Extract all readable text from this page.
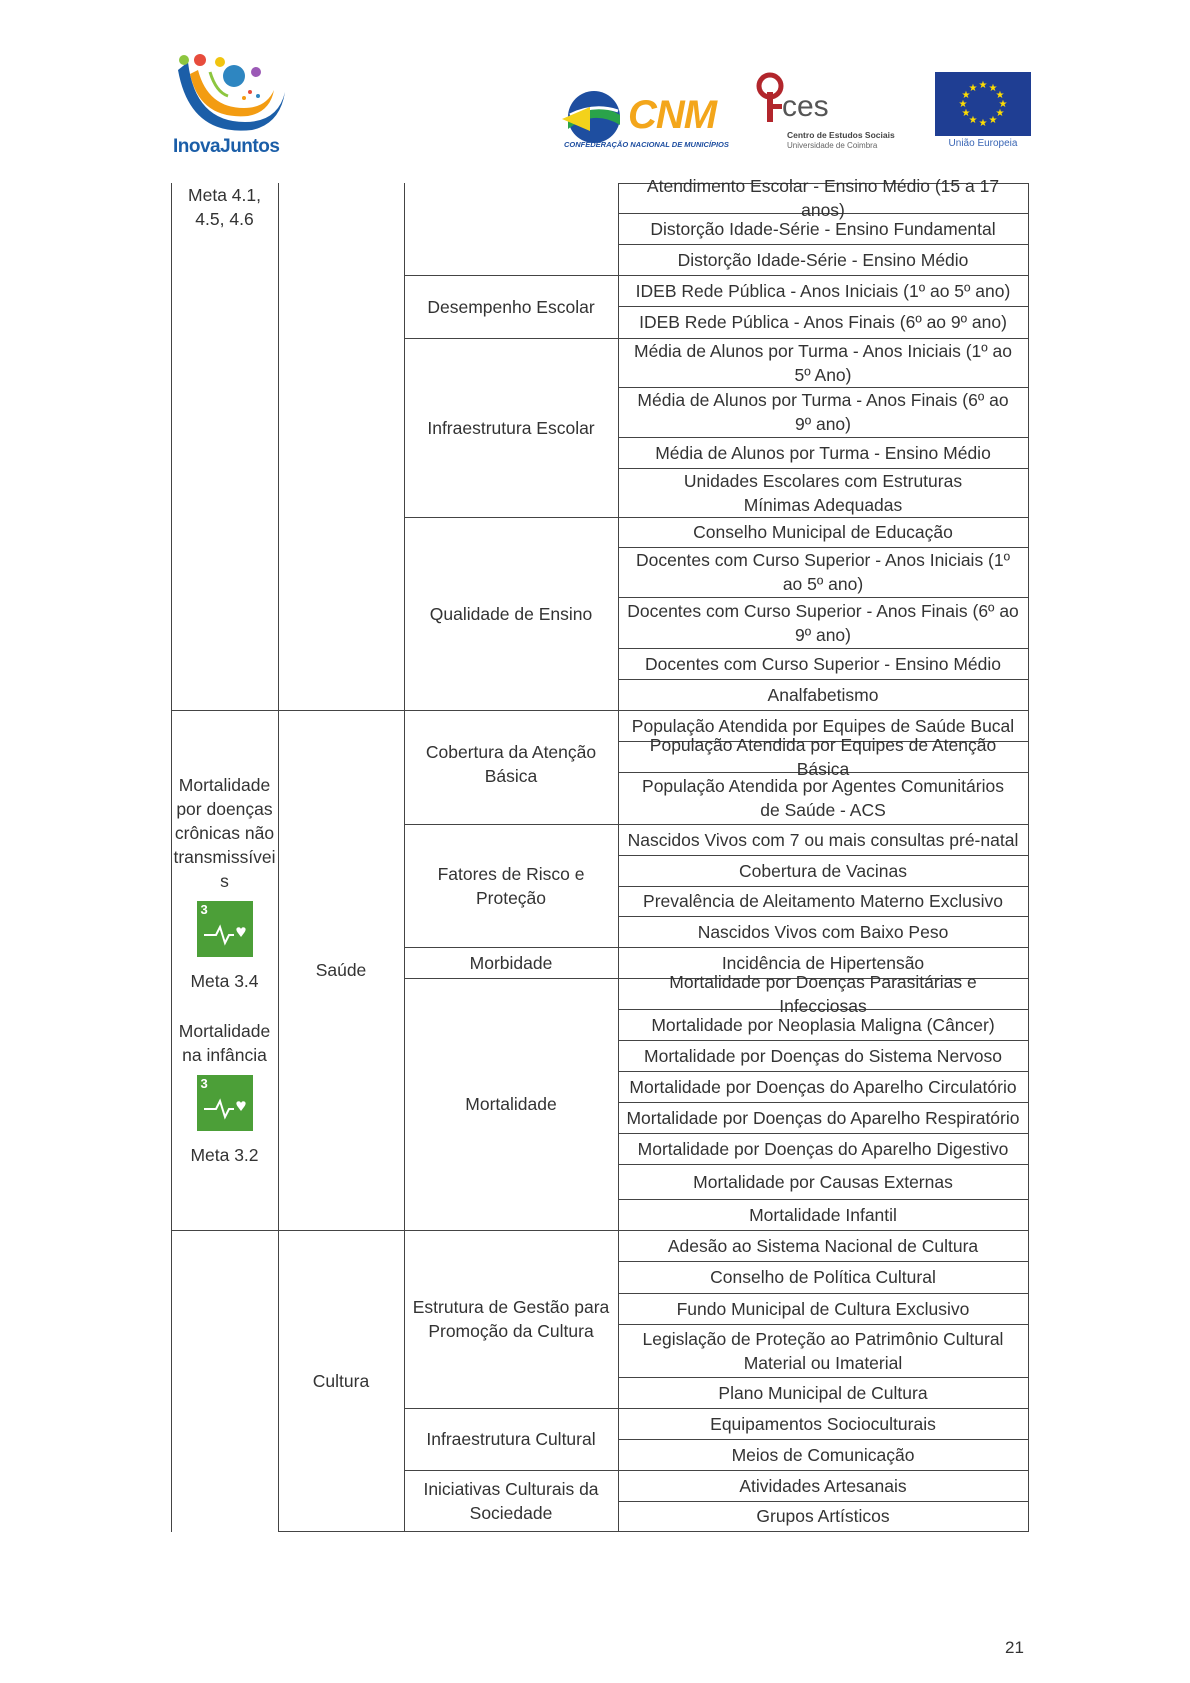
InovaJuntos
CNM
CONFEDERAÇÃO NACIONAL DE MUNICÍPIOS
ces
Centro de Estudos Sociais
Universidade de Coimbra
★ ★
★
★
★
★
★
★
★
★
★
★
União Europeia
Meta 4.1, 4.5, 4.6
Mortalidade por doenças crônicas não transmissívei s
3
Meta 3.4
Mortalidade na infância
3
Meta 3.2
Saúde
Cultura
Desempenho Escolar
Infraestrutura Escolar
Qualidade de Ensino
Cobertura da Atenção Básica
Fatores de Risco e Proteção
Morbidade
Mortalidade
Estrutura de Gestão para Promoção da Cultura
Infraestrutura Cultural
Iniciativas Culturais da Sociedade
Atendimento Escolar - Ensino Médio (15 a 17 anos)
Distorção Idade-Série - Ensino Fundamental
Distorção Idade-Série - Ensino Médio
IDEB Rede Pública - Anos Iniciais (1º ao 5º ano)
IDEB Rede Pública - Anos Finais (6º ao 9º ano)
Média de Alunos por Turma - Anos Iniciais (1º ao 5º Ano)
Média de Alunos por Turma - Anos Finais (6º ao 9º ano)
Média de Alunos por Turma - Ensino Médio
Unidades Escolares com Estruturas Mínimas Adequadas
Conselho Municipal de Educação
Docentes com Curso Superior - Anos Iniciais (1º ao 5º ano)
Docentes com Curso Superior - Anos Finais (6º ao 9º ano)
Docentes com Curso Superior - Ensino Médio
Analfabetismo
População Atendida por Equipes de Saúde Bucal
População Atendida por Equipes de Atenção Básica
População Atendida por Agentes Comunitários de Saúde - ACS
Nascidos Vivos com 7 ou mais consultas pré-natal
Cobertura de Vacinas
Prevalência de Aleitamento Materno Exclusivo
Nascidos Vivos com Baixo Peso
Incidência de Hipertensão
Mortalidade por Doenças Parasitárias e Infecciosas
Mortalidade por Neoplasia Maligna (Câncer)
Mortalidade por Doenças do Sistema Nervoso
Mortalidade por Doenças do Aparelho Circulatório
Mortalidade por Doenças do Aparelho Respiratório
Mortalidade por Doenças do Aparelho Digestivo
Mortalidade por Causas Externas
Mortalidade Infantil
Adesão ao Sistema Nacional de Cultura
Conselho de Política Cultural
Fundo Municipal de Cultura Exclusivo
Legislação de Proteção ao Patrimônio Cultural Material ou Imaterial
Plano Municipal de Cultura
Equipamentos Socioculturais
Meios de Comunicação
Atividades Artesanais
Grupos Artísticos
21
